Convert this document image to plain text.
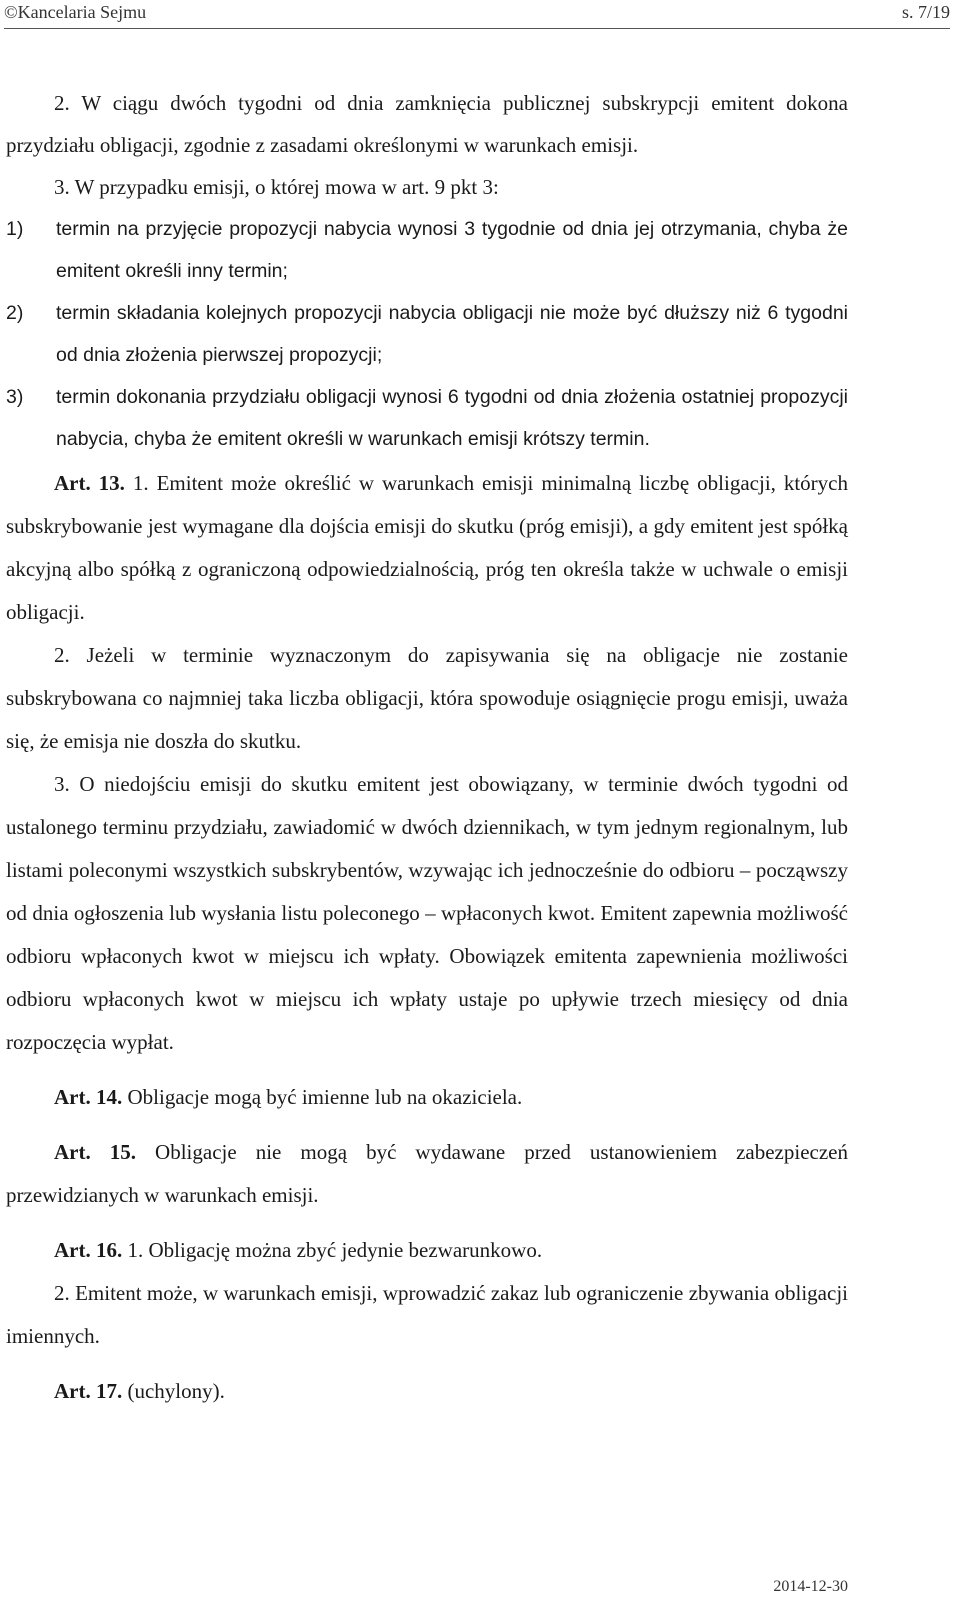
©Kancelaria Sejmu	s. 7/19

2. W ciągu dwóch tygodni od dnia zamknięcia publicznej subskrypcji emitent dokona przydziału obligacji, zgodnie z zasadami określonymi w warunkach emisji.

3. W przypadku emisji, o której mowa w art. 9 pkt 3:

1) termin na przyjęcie propozycji nabycia wynosi 3 tygodnie od dnia jej otrzymania, chyba że emitent określi inny termin;

2) termin składania kolejnych propozycji nabycia obligacji nie może być dłuższy niż 6 tygodni od dnia złożenia pierwszej propozycji;

3) termin dokonania przydziału obligacji wynosi 6 tygodni od dnia złożenia ostatniej propozycji nabycia, chyba że emitent określi w warunkach emisji krótszy termin.

Art. 13. 1. Emitent może określić w warunkach emisji minimalną liczbę obligacji, których subskrybowanie jest wymagane dla dojścia emisji do skutku (próg emisji), a gdy emitent jest spółką akcyjną albo spółką z ograniczoną odpowiedzialnością, próg ten określa także w uchwale o emisji obligacji.

2. Jeżeli w terminie wyznaczonym do zapisywania się na obligacje nie zostanie subskrybowana co najmniej taka liczba obligacji, która spowoduje osiągnięcie progu emisji, uważa się, że emisja nie doszła do skutku.

3. O niedojściu emisji do skutku emitent jest obowiązany, w terminie dwóch tygodni od ustalonego terminu przydziału, zawiadomić w dwóch dziennikach, w tym jednym regionalnym, lub listami poleconymi wszystkich subskrybentów, wzywając ich jednocześnie do odbioru – począwszy od dnia ogłoszenia lub wysłania listu poleconego – wpłaconych kwot. Emitent zapewnia możliwość odbioru wpłaconych kwot w miejscu ich wpłaty. Obowiązek emitenta zapewnienia możliwości odbioru wpłaconych kwot w miejscu ich wpłaty ustaje po upływie trzech miesięcy od dnia rozpoczęcia wypłat.

Art. 14. Obligacje mogą być imienne lub na okaziciela.

Art. 15. Obligacje nie mogą być wydawane przed ustanowieniem zabezpieczeń przewidzianych w warunkach emisji.

Art. 16. 1. Obligację można zbyć jedynie bezwarunkowo.

2. Emitent może, w warunkach emisji, wprowadzić zakaz lub ograniczenie zbywania obligacji imiennych.

Art. 17. (uchylony).

2014-12-30
